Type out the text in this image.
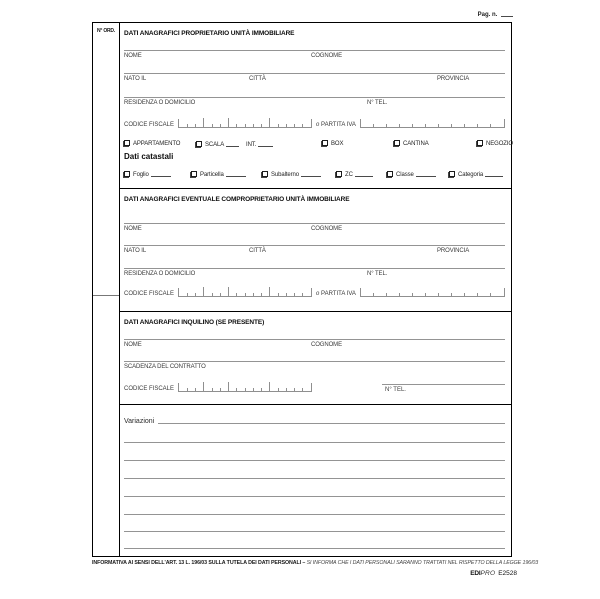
Pag. n.
N° ORD.	DATI ANAGRAFICI PROPRIETARIO UNITÀ IMMOBILIARE
NOME	COGNOME
NATO IL	CITTÀ	PROVINCIA
RESIDENZA O DOMICILIO	N° TEL.
CODICE FISCALE	o PARTITA IVA
APPARTAMENTO	SCALA	INT.	BOX	CANTINA	NEGOZIO
Dati catastali
Foglio	Particella	Subalterno	ZC	Classe	Categoria
DATI ANAGRAFICI EVENTUALE COMPROPRIETARIO UNITÀ IMMOBILIARE
NOME	COGNOME
NATO IL	CITTÀ	PROVINCIA
RESIDENZA O DOMICILIO	N° TEL.
CODICE FISCALE	o PARTITA IVA
DATI ANAGRAFICI INQUILINO (SE PRESENTE)
NOME	COGNOME
SCADENZA DEL CONTRATTO
CODICE FISCALE	N° TEL.
Variazioni
INFORMATIVA AI SENSI DELL'ART. 13 L. 196/03 SULLA TUTELA DEI DATI PERSONALI – SI INFORMA CHE I DATI PERSONALI SARANNO TRATTATI NEL RISPETTO DELLA LEGGE 196/03
EDIPRO E2528
